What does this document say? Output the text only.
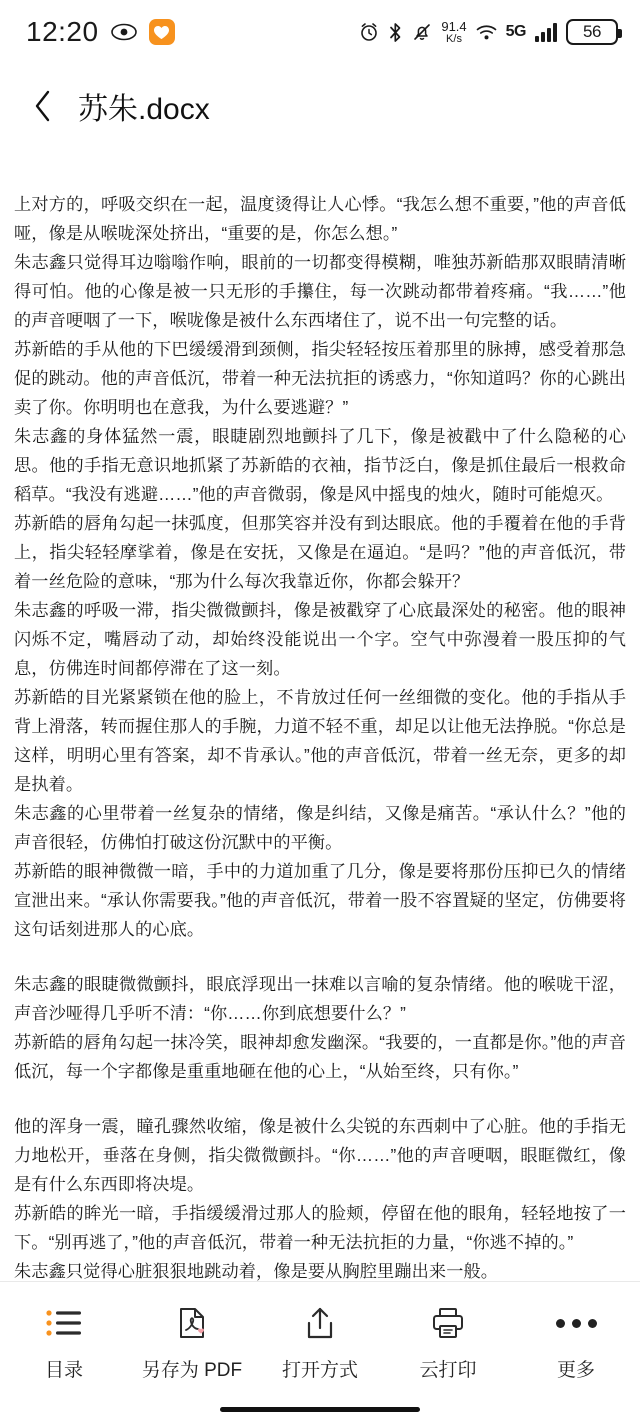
12:20	91.4
K/s	5G	56
苏朱.docx

上对方的，呼吸交织在一起，温度烫得让人心悸。“我怎么想不重要，”他的声音低哑，像是从喉咙深处挤出，“重要的是，你怎么想。”

朱志鑫只觉得耳边嗡嗡作响，眼前的一切都变得模糊，唯独苏新皓那双眼睛清晰得可怕。他的心像是被一只无形的手攥住，每一次跳动都带着疼痛。“我……”他的声音哽咽了一下，喉咙像是被什么东西堵住了，说不出一句完整的话。

苏新皓的手从他的下巴缓缓滑到颈侧，指尖轻轻按压着那里的脉搏，感受着那急促的跳动。他的声音低沉，带着一种无法抗拒的诱惑力，“你知道吗？你的心跳出卖了你。你明明也在意我，为什么要逃避？”

朱志鑫的身体猛然一震，眼睫剧烈地颤抖了几下，像是被戳中了什么隐秘的心思。他的手指无意识地抓紧了苏新皓的衣袖，指节泛白，像是抓住最后一根救命稻草。“我没有逃避……”他的声音微弱，像是风中摇曳的烛火，随时可能熄灭。

苏新皓的唇角勾起一抹弧度，但那笑容并没有到达眼底。他的手覆着在他的手背上，指尖轻轻摩挲着，像是在安抚，又像是在逼迫。“是吗？”他的声音低沉，带着一丝危险的意味，“那为什么每次我靠近你，你都会躲开？

朱志鑫的呼吸一滞，指尖微微颤抖，像是被戳穿了心底最深处的秘密。他的眼神闪烁不定，嘴唇动了动，却始终没能说出一个字。空气中弥漫着一股压抑的气息，仿佛连时间都停滞在了这一刻。

苏新皓的目光紧紧锁在他的脸上，不肯放过任何一丝细微的变化。他的手指从手背上滑落，转而握住那人的手腕，力道不轻不重，却足以让他无法挣脱。“你总是这样，明明心里有答案，却不肯承认。”他的声音低沉，带着一丝无奈，更多的却是执着。

朱志鑫的心里带着一丝复杂的情绪，像是纠结，又像是痛苦。“承认什么？”他的声音很轻，仿佛怕打破这份沉默中的平衡。

苏新皓的眼神微微一暗，手中的力道加重了几分，像是要将那份压抑已久的情绪宣泄出来。“承认你需要我。”他的声音低沉，带着一股不容置疑的坚定，仿佛要将这句话刻进那人的心底。

朱志鑫的眼睫微微颤抖，眼底浮现出一抹难以言喻的复杂情绪。他的喉咙干涩，声音沙哑得几乎听不清：“你……你到底想要什么？”

苏新皓的唇角勾起一抹冷笑，眼神却愈发幽深。“我要的，一直都是你。”他的声音低沉，每一个字都像是重重地砸在他的心上，“从始至终，只有你。”

他的浑身一震，瞳孔骤然收缩，像是被什么尖锐的东西刺中了心脏。他的手指无力地松开，垂落在身侧，指尖微微颤抖。“你……”他的声音哽咽，眼眶微红，像是有什么东西即将决堤。

苏新皓的眸光一暗，手指缓缓滑过那人的脸颊，停留在他的眼角，轻轻地按了一下。“别再逃了，”他的声音低沉，带着一种无法抗拒的力量，“你逃不掉的。”

朱志鑫只觉得心脏狠狠地跳动着，像是要从胸腔里蹦出来一般。

目录	另存为 PDF 打开方式	云打印	更多
